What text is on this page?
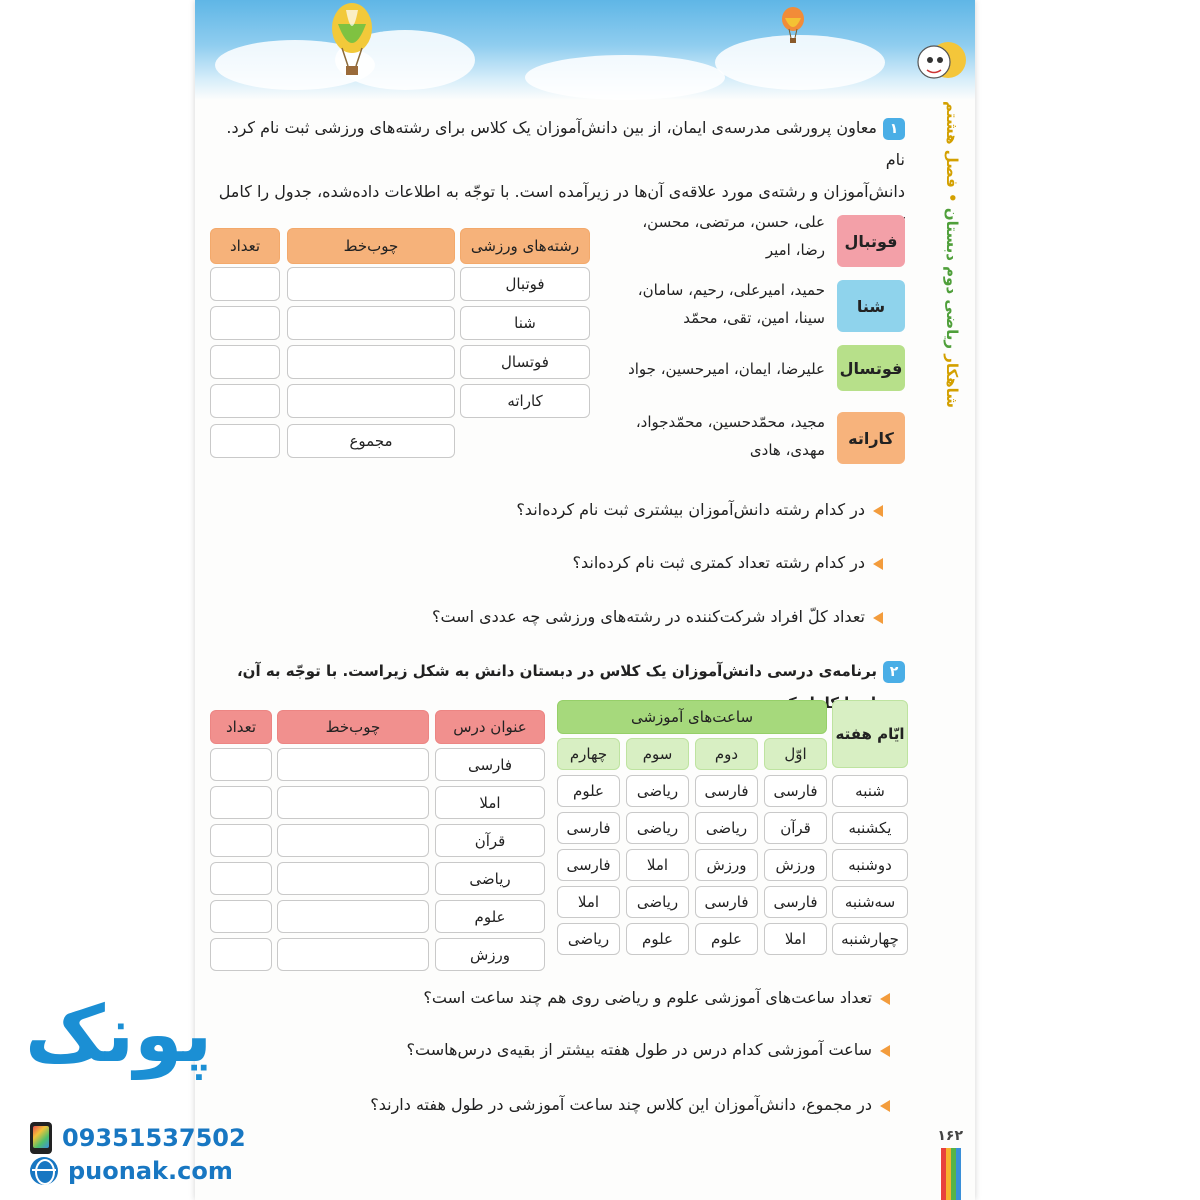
شاهکار ریاضی دوم دبستان • فصل هشتم
۱معاون پرورشی مدرسه‌ی ایمان، از بین دانش‌آموزان یک کلاس برای رشته‌های ورزشی ثبت نام کرد. نام
دانش‌آموزان و رشته‌ی مورد علاقه‌ی آن‌ها در زیرآمده است. با توجّه به اطلاعات داده‌شده، جدول را کامل
فوتبال
علی، حسن، مرتضی، محسن،
رضا، امیر
شنا
حمید، امیرعلی، رحیم، سامان،
سینا، امین، تقی، محمّد
فوتسال
علیرضا، ایمان، امیرحسین، جواد
کاراته
مجید، محمّدحسین، محمّدجواد،
مهدی، هادی
رشته‌های ورزشی
چوب‌خط
تعداد
فوتبال
شنا
فوتسال
کاراته
مجموع
در کدام رشته دانش‌آموزان بیشتری ثبت نام کرده‌اند؟
در کدام رشته تعداد کمتری ثبت نام کرده‌اند؟
تعداد کلّ افراد شرکت‌کننده در رشته‌های ورزشی چه عددی است؟
۲برنامه‌ی درسی دانش‌آموزان یک کلاس در دبستان دانش به شکل زیراست. با توجّه به آن،
ایّام هفته
ساعت‌های آموزشی
اوّل
دوم
سوم
چهارم
شنبه
فارسی
فارسی
ریاضی
علوم
یکشنبه
قرآن
ریاضی
ریاضی
فارسی
دوشنبه
ورزش
ورزش
املا
فارسی
سه‌شنبه
فارسی
فارسی
ریاضی
املا
چهارشنبه
املا
علوم
علوم
ریاضی
عنوان درس
چوب‌خط
تعداد
فارسی
املا
قرآن
ریاضی
علوم
ورزش
تعداد ساعت‌های آموزشی علوم و ریاضی روی هم چند ساعت است؟
ساعت آموزشی کدام درس در طول هفته بیشتر از بقیه‌ی درس‌هاست؟
در مجموع، دانش‌آموزان این کلاس چند ساعت آموزشی در طول هفته دارند؟
۱۶۲
پونک
09351537502
puonak.com
